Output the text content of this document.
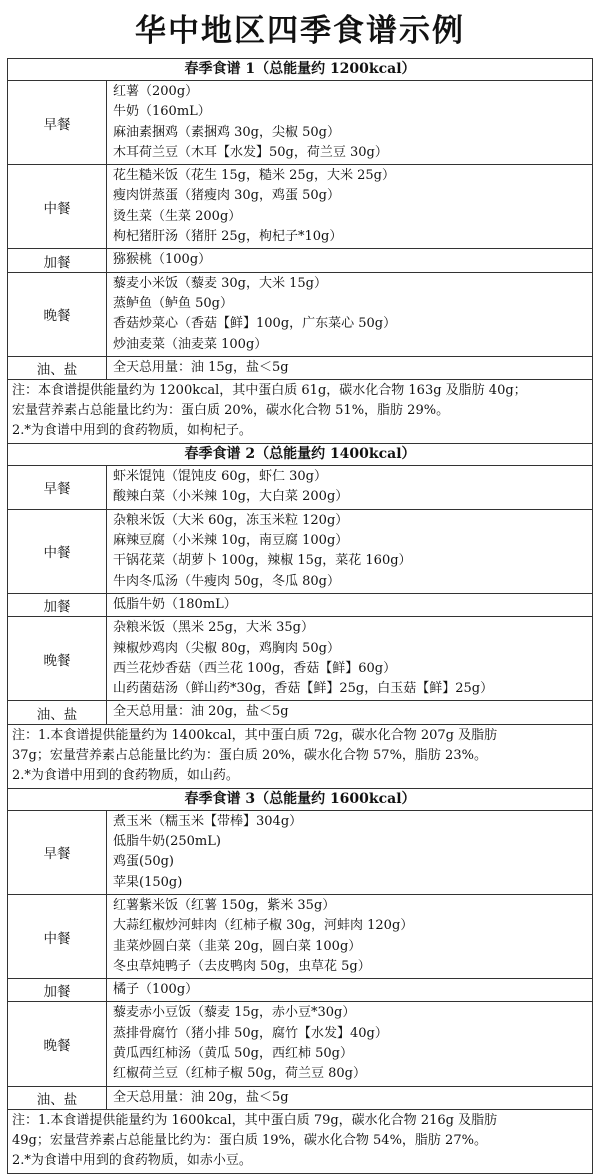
华中地区四季食谱示例
春季食谱 1（总能量约 1200kcal）	
早餐	红薯（200g）
牛奶（160mL）
麻油素捆鸡（素捆鸡 30g，尖椒 50g）
木耳荷兰豆（木耳【水发】50g，荷兰豆 30g）

中餐	花生糙米饭（花生 15g，糙米 25g，大米 25g）
瘦肉饼蒸蛋（猪瘦肉 30g，鸡蛋 50g）
烫生菜（生菜 200g）
枸杞猪肝汤（猪肝 25g，枸杞子*10g）

加餐	猕猴桃（100g）

晚餐	藜麦小米饭（藜麦 30g，大米 15g）
蒸鲈鱼（鲈鱼 50g）
香菇炒菜心（香菇【鲜】100g，广东菜心 50g）
炒油麦菜（油麦菜 100g）

油、盐	全天总用量：油 15g，盐＜5g

注：本食谱提供能量约为 1200kcal，其中蛋白质 61g，碳水化合物 163g 及脂肪 40g；
宏量营养素占总能量比约为：蛋白质 20%，碳水化合物 51%，脂肪 29%。
2.*为食谱中用到的食药物质，如枸杞子。	

春季食谱 2（总能量约 1400kcal）	
早餐	虾米馄饨（馄饨皮 60g，虾仁 30g）
酸辣白菜（小米辣 10g，大白菜 200g）

中餐	杂粮米饭（大米 60g，冻玉米粒 120g）
麻辣豆腐（小米辣 10g，南豆腐 100g）
干锅花菜（胡萝卜 100g，辣椒 15g，菜花 160g）
牛肉冬瓜汤（牛瘦肉 50g，冬瓜 80g）

加餐	低脂牛奶（180mL）

晚餐	杂粮米饭（黑米 25g，大米 35g）
辣椒炒鸡肉（尖椒 80g，鸡胸肉 50g）
西兰花炒香菇（西兰花 100g，香菇【鲜】60g）
山药菌菇汤（鲜山药*30g，香菇【鲜】25g，白玉菇【鲜】25g）

油、盐	全天总用量：油 20g，盐＜5g

注：1.本食谱提供能量约为 1400kcal，其中蛋白质 72g，碳水化合物 207g 及脂肪
37g；宏量营养素占总能量比约为：蛋白质 20%，碳水化合物 57%，脂肪 23%。
2.*为食谱中用到的食药物质，如山药。	

春季食谱 3（总能量约 1600kcal）	
早餐	煮玉米（糯玉米【带棒】304g）
低脂牛奶(250mL)
鸡蛋(50g)
苹果(150g)

中餐	红薯紫米饭（红薯 150g，紫米 35g）
大蒜红椒炒河蚌肉（红柿子椒 30g，河蚌肉 120g）
韭菜炒圆白菜（韭菜 20g，圆白菜 100g）
冬虫草炖鸭子（去皮鸭肉 50g，虫草花 5g）

加餐	橘子（100g）

晚餐	藜麦赤小豆饭（藜麦 15g，赤小豆*30g）
蒸排骨腐竹（猪小排 50g，腐竹【水发】40g）
黄瓜西红柿汤（黄瓜 50g，西红柿 50g）
红椒荷兰豆（红柿子椒 50g，荷兰豆 80g）

油、盐	全天总用量：油 20g，盐＜5g

注：1.本食谱提供能量约为 1600kcal，其中蛋白质 79g，碳水化合物 216g 及脂肪
49g；宏量营养素占总能量比约为：蛋白质 19%，碳水化合物 54%，脂肪 27%。
2.*为食谱中用到的食药物质，如赤小豆。	
